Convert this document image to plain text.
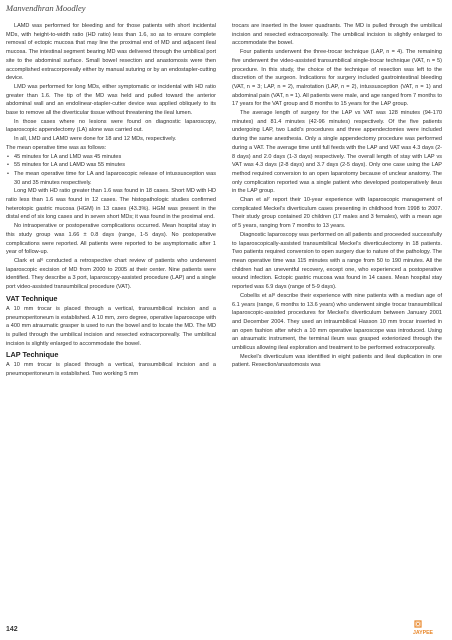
Manvendhran Moodley

LAMD was performed for bleeding and for those patients with short incidental MDs, with height-to-width ratio (HD ratio) less than 1.6, so as to ensure complete removal of ectopic mucosa that may line the proximal end of MD and adjacent ileal mucosa. The intestinal segment bearing MD was delivered through the umbilical port site to the abdominal surface. Small bowel resection and anastomosis were then accomplished extracorporeally either by manual suturing or by an endostapler-cutting device.

LMD was performed for long MDs, either symptomatic or incidental with HD ratio greater than 1.6. The tip of the MD was held and pulled toward the anterior abdominal wall and an endolinear-stapler-cutter device was applied obliquely to its base to remove all the diverticular tissue without threatening the ileal lumen.

In those cases where no lesions were found on diagnostic laparoscopy, laparoscopic appendectomy (LA) alone was carried out.

In all, LMD and LAMD were done for 18 and 12 MDs, respectively.

The mean operative time was as follows:

• 45 minutes for LA and LMD was 45 minutes
• 55 minutes for LA and LAMD was 55 minutes
• The mean operative time for LA and laparoscopic release of intussusception was 30 and 35 minutes respectively.

Long MD with HD ratio greater than 1.6 was found in 18 cases. Short MD with HD ratio less than 1.6 was found in 12 cases. The histopathologic studies confirmed heterotopic gastric mucosa (HGM) in 13 cases (43.3%). HGM was present in the distal end of six long cases and in seven short MDs; it was found in the proximal end.

No intraoperative or postoperative complications occurred. Mean hospital stay in this study group was 1.66 ± 0.8 days (range, 1-5 days). No postoperative complications were reported. All patients were reported to be asymptomatic after 1 year of follow-up.

Clark et al⁶ conducted a retrospective chart review of patients who underwent laparoscopic excision of MD from 2000 to 2005 at their center. Nine patients were identified. They describe a 3 port, laparoscopy-assisted procedure (LAP) and a single port video-assisted transumbilical procedure (VAT).

VAT Technique

A 10 mm trocar is placed through a vertical, transumbilical incision and a pneumoperitoneum is established. A 10 mm, zero degree, operative laparoscope with a 400 mm atraumatic grasper is used to run the bowel and to locate the MD. The MD is pulled through the umbilical incision and resected extracorporeally. The umbilical incision is slightly enlarged to accommodate the bowel.

LAP Technique

A 10 mm trocar is placed through a vertical, transumbilical incision and a pneumoperitoneum is established. Two working 5 mm

trocars are inserted in the lower quadrants. The MD is pulled through the umbilical incision and resected extracorporeally. The umbilical incision is slightly enlarged to accommodate the bowel.

Four patients underwent the three-trocar technique (LAP, n = 4). The remaining five underwent the video-assisted transumbilical single-trocar technique (VAT, n = 5) procedure. In this study, the choice of the technique of resection was left to the discretion of the surgeon. Indications for surgery included gastrointestinal bleeding (VAT, n = 3; LAP, n = 2), malrotation (LAP, n = 2), intussusception (VAT, n = 1) and abdominal pain (VAT, n = 1). All patients were male, and age ranged from 7 months to 17 years for the VAT group and 8 months to 15 years for the LAP group.

The average length of surgery for the LAP vs VAT was 128 minutes (94-170 minutes) and 81.4 minutes (42-96 minutes) respectively. Of the five patients undergoing LAP, two Ladd’s procedures and three appendectomies were included during the same anesthesia. Only a single appendectomy procedure was performed during a VAT. The average time until full feeds with the LAP and VAT was 4.3 days (2-8 days) and 2.0 days (1-3 days) respectively. The overall length of stay with LAP vs VAT was 4.3 days (2-8 days) and 3.7 days (2-5 days). Only one case using the LAP method required conversion to an open laparotomy because of unclear anatomy. The only complication reported was a single patient who developed postoperatively ileus in the LAP group.

Chan et al⁷ report their 10-year experience with laparoscopic management of complicated Meckel’s diverticulum cases presenting in childhood from 1998 to 2007. Their study group contained 20 children (17 males and 3 females), with a mean age of 5 years, ranging from 7 months to 13 years.

Diagnostic laparoscopy was performed on all patients and proceeded successfully to laparoscopically-assisted transumbilical Meckel’s diverticulectomy in 18 patients. Two patients required conversion to open surgery due to nature of the pathology. The mean operative time was 115 minutes with a range from 50 to 190 minutes. All the children had an uneventful recovery, except one, who experienced a postoperative wound infection. Ectopic gastric mucosa was found in 14 cases. Mean hospital stay reported was 6.9 days (range of 5-9 days).

Cobellis et al⁸ describe their experience with nine patients with a median age of 6.1 years (range, 6 months to 13.6 years) who underwent single trocar transumbilical laparoscopic-assisted procedures for Meckel’s diverticulum between January 2001 and December 2004. They used an intraumbilical Hasson 10 mm trocar inserted in an open fashion after which a 10 mm operative laparoscope was introduced. Using an atraumatic instrument, the terminal ileum was grasped exteriorized through the umbilicus allowing ileal exploration and treatment to be performed extracorporeally.

Meckel’s diverticulum was identified in eight patients and ileal duplication in one patient. Resection/anastomosis was

142	JAYPEE
